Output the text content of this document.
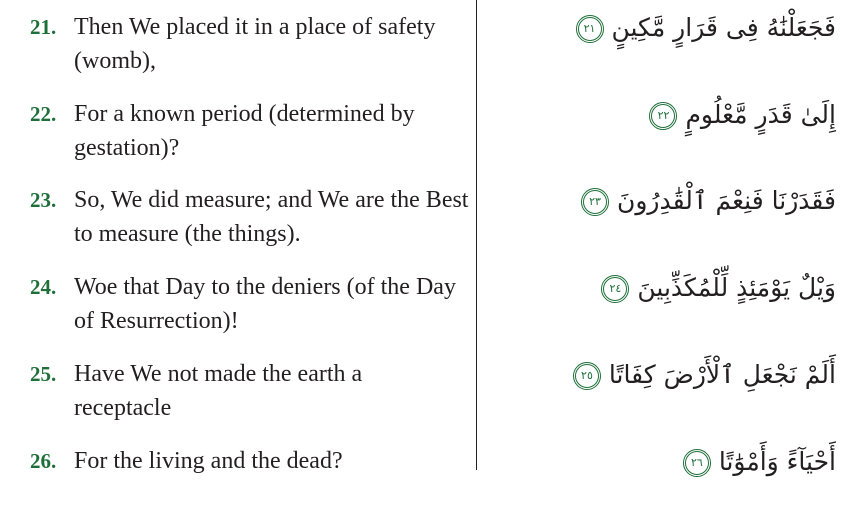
21. Then We placed it in a place of safety (womb),
فَجَعَلْنَٰهُ فِى قَرَارٍ مَّكِينٍ ٢١
22. For a known period (determined by gestation)?
إِلَىٰ قَدَرٍ مَّعْلُومٍ ٢٢
23. So, We did measure; and We are the Best to measure (the things).
فَقَدَرْنَا فَنِعْمَ ٱلْقَٰدِرُونَ ٢٣
24. Woe that Day to the deniers (of the Day of Resurrection)!
وَيْلٌ يَوْمَئِذٍ لِّلْمُكَذِّبِينَ ٢٤
25. Have We not made the earth a receptacle
أَلَمْ نَجْعَلِ ٱلْأَرْضَ كِفَاتًا ٢٥
26. For the living and the dead?	أَحْيَآءً وَأَمْوَٰتًا ٢٦
